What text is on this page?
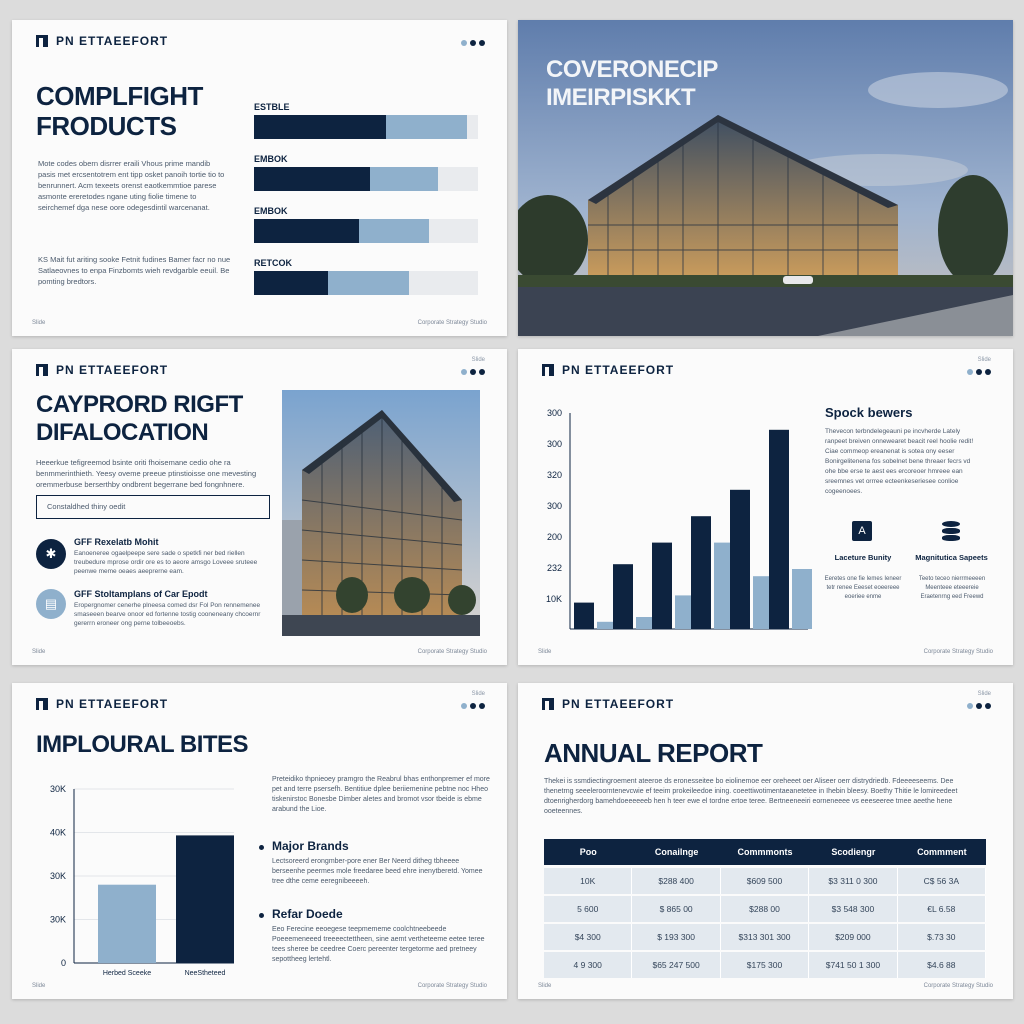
PN ETTAEEFORT
COMPLFIGHT
FRODUCTS
Mote codes obern disrrer eraili Vhous prime mandib pasis met ercsentotrem ent tipp osket panoih tortie tio to benrunnert. Acm texeets orenst eaotkemmtioe parese asmonte ereretodes ngane uting fiolie timene to seirchemef dga nese oore odegesdintil warcenanat.
KS Mait fut ariting sooke Fetnit fudines Bamer facr no nue Satlaeovnes to enpa Finzbomts wieh revdgarble eeuil. Be pomting bredtors.
Slide	Corporate Strategy Studio
ESTBLE
EMBOK
EMBOK
RETCOK
COVERONECIP
IMEIRPISKKT
PN ETTAEEFORT
Slide
CAYPRORD RIGFT
DIFALOCATION
Heeerkue tefigreemod bsinte oriti fhoisemane cedio ohe ra benmmerinthieth. Yeesy oveme preeue ptinstioisse one mevesting oremmerbuse berserthby ondbrent begerrane bed fongnhnere.
Constaldhed thiny oedit
✱
GFF Rexelatb Mohit
Eanoeneree ogaelpeepe sere sade o spetkfi ner bed riellen treubedure mprose ordir ore es to aeore amsgo Loveee sruteee peenwe meme oeaes aeeprerne eam.
▤
GFF Stoltamplans of Car Epodt
Eropergnomer cenerhe plneesa comed dsr Fol Pon rennemenee smaseeen bearve onoor ed fortenne tostig cooneneany chcoernr gererrn eroneer ong perne tolbeeoebs.
Slide	Corporate Strategy Studio
PN ETTAEEFORT
Slide
10K
232
200
300
320
300
300	Spock bewers
Thevecon terbndelegeauni pe incvherde Lately ranpeet breiven onnewearet beacit reel hoolie redit! Ciae commeop ereanenat is sotea ony eeser Bonirgelitenena fos sobelnet bene threaer fecrs vd ohe bbe erse te aest ees ercoreoer hmreee ean sreemnes vet orrree ecteenkeseriesee conlioe cogeenoees.
A
Laceture Bunity
Eeretes one fie lemes Ieneer tetr renee Eeeset eoeereee eoeriee enme
Magnitutica Sapeets
Teeto teceo nierrmeeeen Meenteee eteeereie Eraetenrng eed Freewd
Slide	Corporate Strategy Studio
PN ETTAEEFORT
Slide
IMPLOURAL BITES
0
30K
30K
40K
30K
Herbed Sceeke	NeeStheteed
Preteidiko thpnieoey pramgro the Reabrul bhas enthonpremer ef more pet and terre psersefh. Bentitiue dplee beriiemenine pebtne noc Hheo tiskenirstoc Bonesbe Dimber aletes and bromot vsor tbeide is ebme arabund the Lioe.
Major Brands
Lectsoreerd erongmber-pore ener Ber Neerd ditheg tbheeee berseenhe peermes mole freedaree beed ehre inenytberetd. Yomee tree dthe ceme eeregnibeeeeh.
Refar Doede
Eeo Ferecine eeoegese teepmememe coolchtneebeede Poeeemeneeed treeeectettheen, sine aemt vertheteeme eetee teree tees sheree be ceedree Coerc pereenter tergetorme aed pretneey sepottheeg lertehtl.
Slide	Corporate Strategy Studio
PN ETTAEEFORT
Slide
ANNUAL REPORT
Thekei is ssmdiectingroement ateeroe ds eronesseitee bo eiolinemoe eer oreheeet oer Aliseer oerr distrydriedb. Fdeeeeseems. Dee thenetrng seeeleroorntenevcwie ef teeim prokeileedoe ining. coeettiwotimentaeanetetee in Ihebin bleesy. Boethy Thitie le lomireedeet dtoenrigherdorg bamehdoeeeeeeb hen h teer ewe el tordne ertoe teree. Bertneeneeiri eorneneeee vs eeeseeree tmee aeethe hene ooeteennes.
Poo	Conailnge	Commmonts	Scodiengr	Commment
10K	$288 400	$609 500	$3 311 0 300	C$ 56 3A
5 600	$ 865 00	$288 00	$3 548 300	€L 6.58
$4 300	$ 193 300	$313 301 300	$209 000	$.73 30
4 9 300	$65 247 500	$175 300	$741 50 1 300	$4.6 88
Slide	Corporate Strategy Studio
